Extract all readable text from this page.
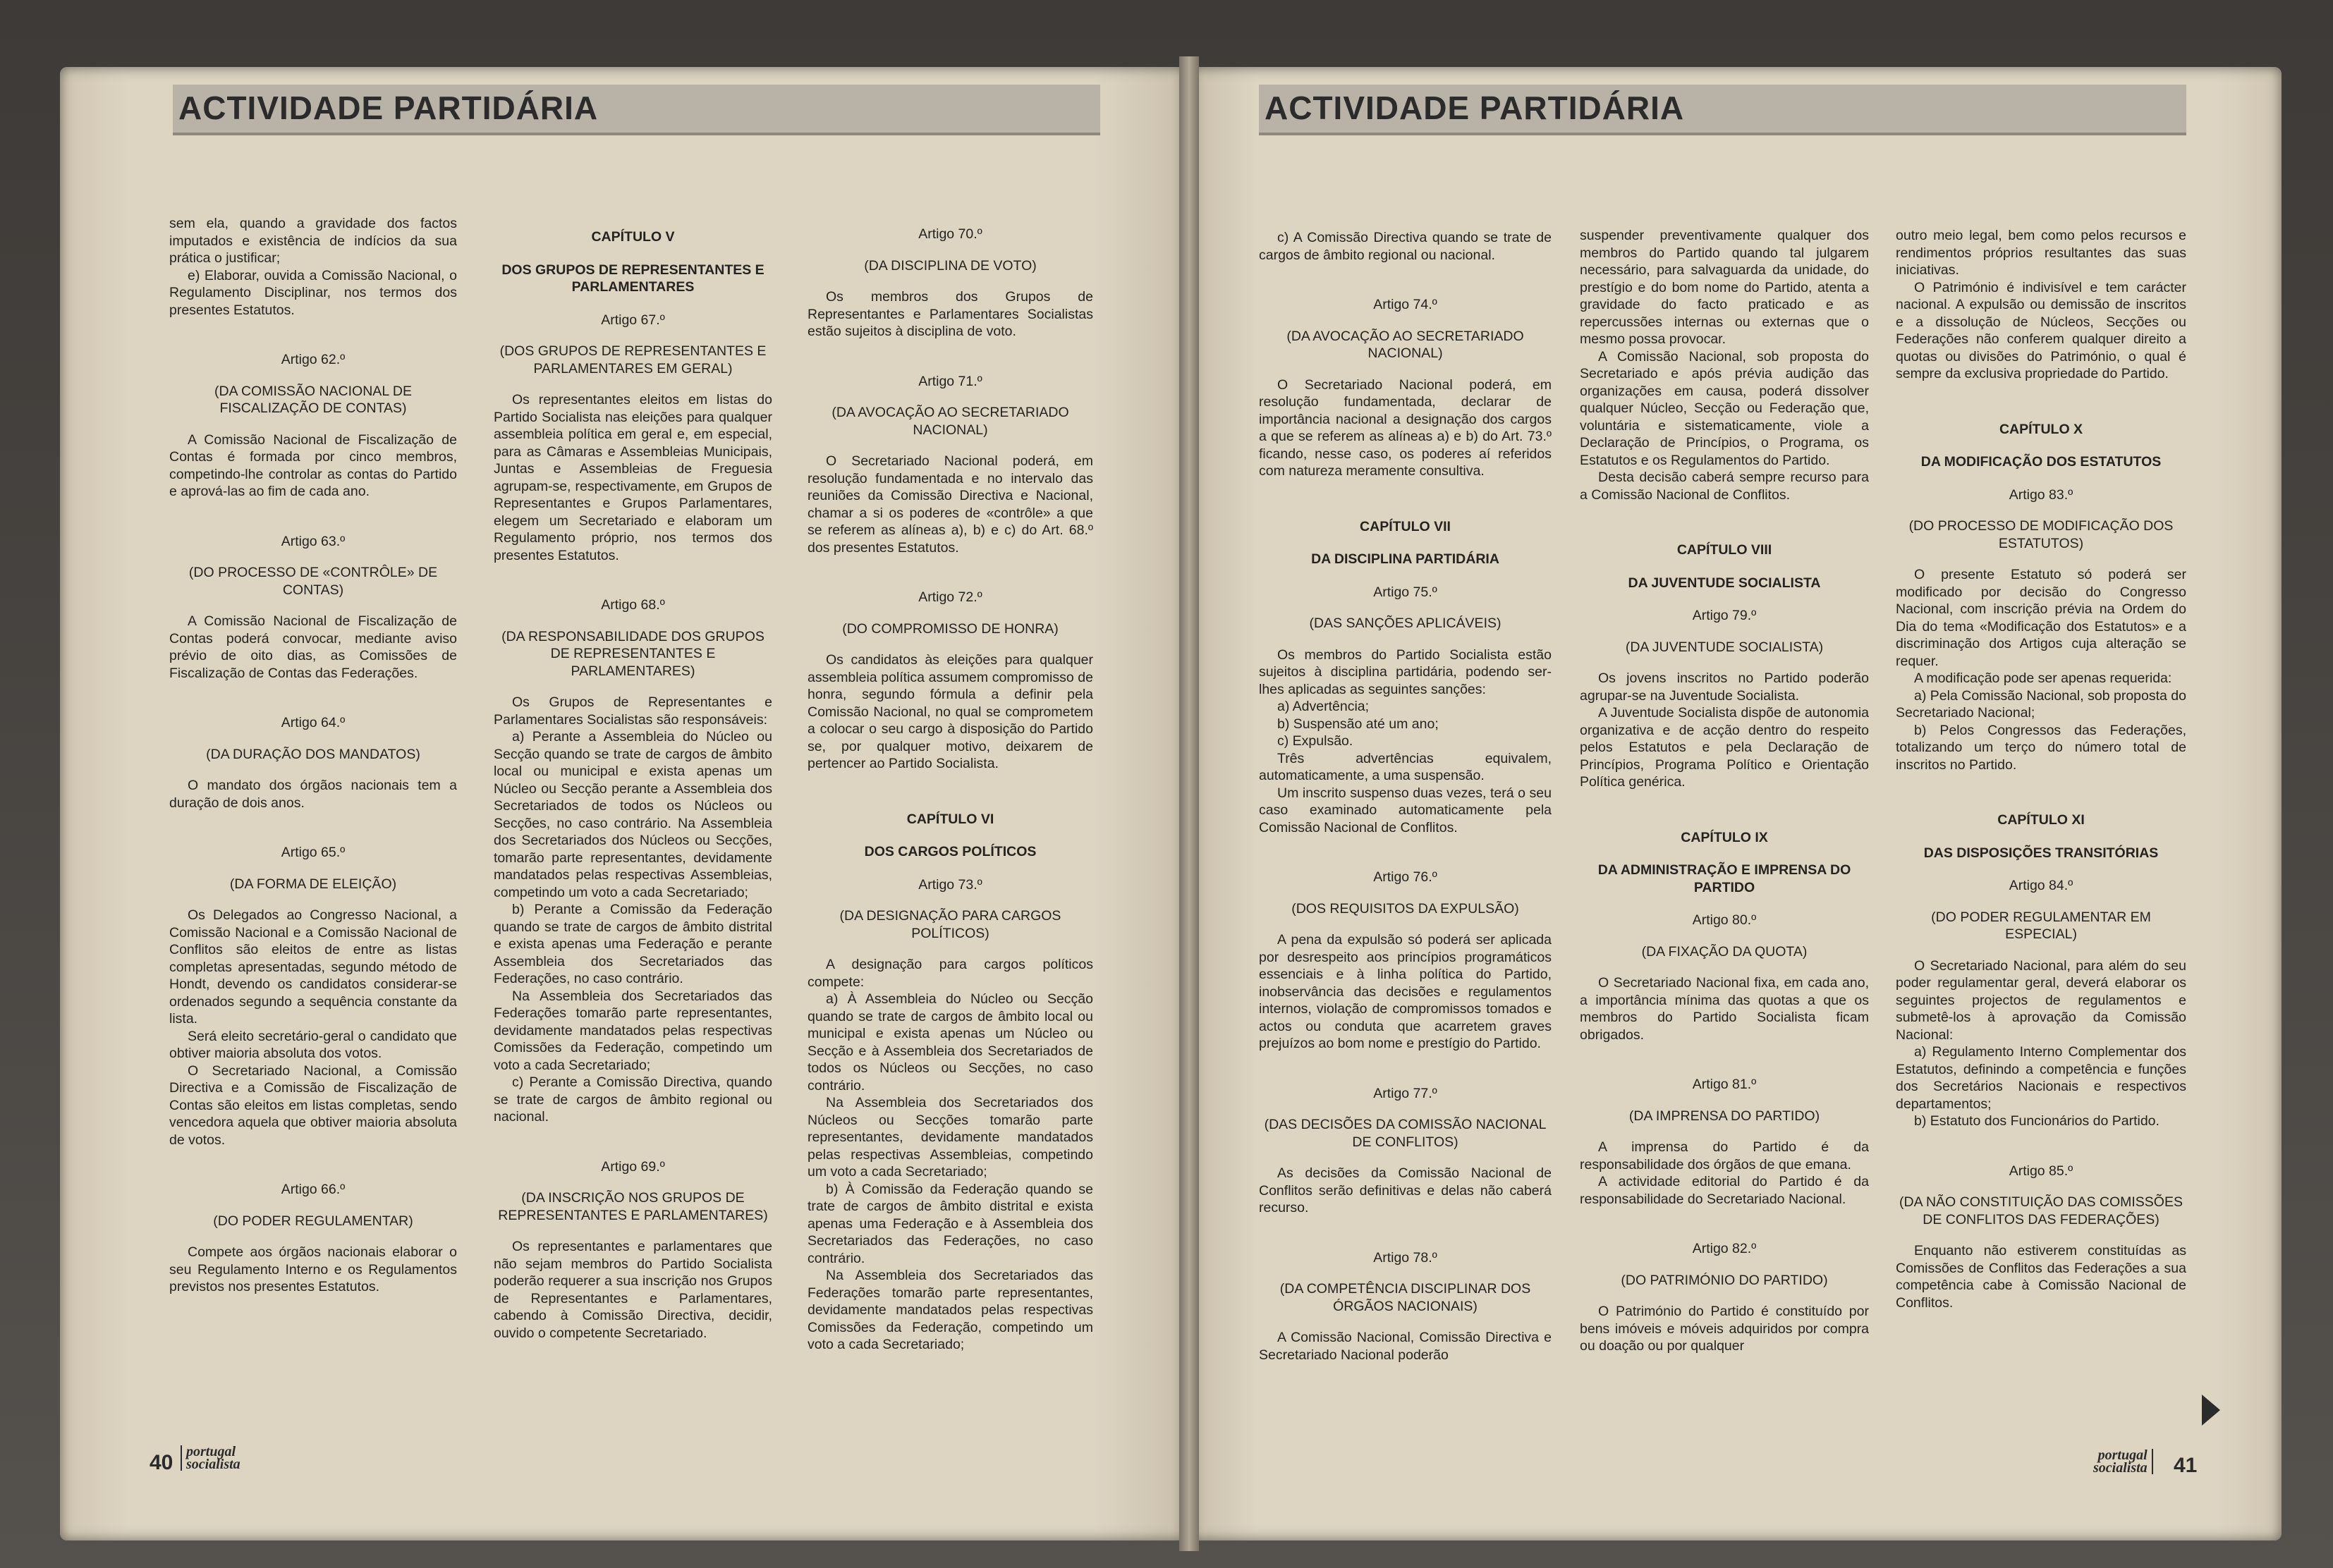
ACTIVIDADE PARTIDÁRIA	ACTIVIDADE PARTIDÁRIA
sem ela, quando a gravidade dos factos imputados e existência de indícios da sua prática o justificar;
e) Elaborar, ouvida a Comissão Nacional, o Regulamento Disciplinar, nos termos dos presentes Estatutos.
Artigo 62.º
(DA COMISSÃO NACIONAL DE FISCALIZAÇÃO DE CONTAS)
A Comissão Nacional de Fiscalização de Contas é formada por cinco membros, competindo-lhe controlar as contas do Partido e aprová-las ao fim de cada ano.
Artigo 63.º
(DO PROCESSO DE «CONTRÔLE» DE CONTAS)
A Comissão Nacional de Fiscalização de Contas poderá convocar, mediante aviso prévio de oito dias, as Comissões de Fiscalização de Contas das Federações.
Artigo 64.º
(DA DURAÇÃO DOS MANDATOS)
O mandato dos órgãos nacionais tem a duração de dois anos.
Artigo 65.º
(DA FORMA DE ELEIÇÃO)
Os Delegados ao Congresso Nacional, a Comissão Nacional e a Comissão Nacional de Conflitos são eleitos de entre as listas completas apresentadas, segundo método de Hondt, devendo os candidatos considerar-se ordenados segundo a sequência constante da lista.
Será eleito secretário-geral o candidato que obtiver maioria absoluta dos votos.
O Secretariado Nacional, a Comissão Directiva e a Comissão de Fiscalização de Contas são eleitos em listas completas, sendo vencedora aquela que obtiver maioria absoluta de votos.
Artigo 66.º
(DO PODER REGULAMENTAR)
Compete aos órgãos nacionais elaborar o seu Regulamento Interno e os Regulamentos previstos nos presentes Estatutos.
CAPÍTULO V
DOS GRUPOS DE REPRESENTANTES E PARLAMENTARES
Artigo 67.º
(DOS GRUPOS DE REPRESENTANTES E PARLAMENTARES EM GERAL)
Os representantes eleitos em listas do Partido Socialista nas eleições para qualquer assembleia política em geral e, em especial, para as Câmaras e Assembleias Municipais, Juntas e Assembleias de Freguesia agrupam-se, respectivamente, em Grupos de Representantes e Grupos Parlamentares, elegem um Secretariado e elaboram um Regulamento próprio, nos termos dos presentes Estatutos.
Artigo 68.º
(DA RESPONSABILIDADE DOS GRUPOS DE REPRESENTANTES E PARLAMENTARES)
Os Grupos de Representantes e Parlamentares Socialistas são responsáveis:
a) Perante a Assembleia do Núcleo ou Secção quando se trate de cargos de âmbito local ou municipal e exista apenas um Núcleo ou Secção perante a Assembleia dos Secretariados de todos os Núcleos ou Secções, no caso contrário. Na Assembleia dos Secretariados dos Núcleos ou Secções, tomarão parte representantes, devidamente mandatados pelas respectivas Assembleias, competindo um voto a cada Secretariado;
b) Perante a Comissão da Federação quando se trate de cargos de âmbito distrital e exista apenas uma Federação e perante Assembleia dos Secretariados das Federações, no caso contrário.
Na Assembleia dos Secretariados das Federações tomarão parte representantes, devidamente mandatados pelas respectivas Comissões da Federação, competindo um voto a cada Secretariado;
c) Perante a Comissão Directiva, quando se trate de cargos de âmbito regional ou nacional.
Artigo 69.º
(DA INSCRIÇÃO NOS GRUPOS DE REPRESENTANTES E PARLAMENTARES)
Os representantes e parlamentares que não sejam membros do Partido Socialista poderão requerer a sua inscrição nos Grupos de Representantes e Parlamentares, cabendo à Comissão Directiva, decidir, ouvido o competente Secretariado.
Artigo 70.º
(DA DISCIPLINA DE VOTO)
Os membros dos Grupos de Representantes e Parlamentares Socialistas estão sujeitos à disciplina de voto.
Artigo 71.º
(DA AVOCAÇÃO AO SECRETARIADO NACIONAL)
O Secretariado Nacional poderá, em resolução fundamentada e no intervalo das reuniões da Comissão Directiva e Nacional, chamar a si os poderes de «contrôle» a que se referem as alíneas a), b) e c) do Art. 68.º dos presentes Estatutos.
Artigo 72.º
(DO COMPROMISSO DE HONRA)
Os candidatos às eleições para qualquer assembleia política assumem compromisso de honra, segundo fórmula a definir pela Comissão Nacional, no qual se comprometem a colocar o seu cargo à disposição do Partido se, por qualquer motivo, deixarem de pertencer ao Partido Socialista.
CAPÍTULO VI
DOS CARGOS POLÍTICOS
Artigo 73.º
(DA DESIGNAÇÃO PARA CARGOS POLÍTICOS)
A designação para cargos políticos compete:
a) À Assembleia do Núcleo ou Secção quando se trate de cargos de âmbito local ou municipal e exista apenas um Núcleo ou Secção e à Assembleia dos Secretariados de todos os Núcleos ou Secções, no caso contrário.
Na Assembleia dos Secretariados dos Núcleos ou Secções tomarão parte representantes, devidamente mandatados pelas respectivas Assembleias, competindo um voto a cada Secretariado;
b) À Comissão da Federação quando se trate de cargos de âmbito distrital e exista apenas uma Federação e à Assembleia dos Secretariados das Federações, no caso contrário.
Na Assembleia dos Secretariados das Federações tomarão parte representantes, devidamente mandatados pelas respectivas Comissões da Federação, competindo um voto a cada Secretariado;
c) A Comissão Directiva quando se trate de cargos de âmbito regional ou nacional.
Artigo 74.º
(DA AVOCAÇÃO AO SECRETARIADO NACIONAL)
O Secretariado Nacional poderá, em resolução fundamentada, declarar de importância nacional a designação dos cargos a que se referem as alíneas a) e b) do Art. 73.º ficando, nesse caso, os poderes aí referidos com natureza meramente consultiva.
CAPÍTULO VII
DA DISCIPLINA PARTIDÁRIA
Artigo 75.º
(DAS SANÇÕES APLICÁVEIS)
Os membros do Partido Socialista estão sujeitos à disciplina partidária, podendo ser-lhes aplicadas as seguintes sanções:
a) Advertência;
b) Suspensão até um ano;
c) Expulsão.
Três advertências equivalem, automaticamente, a uma suspensão.
Um inscrito suspenso duas vezes, terá o seu caso examinado automaticamente pela Comissão Nacional de Conflitos.
Artigo 76.º
(DOS REQUISITOS DA EXPULSÃO)
A pena da expulsão só poderá ser aplicada por desrespeito aos princípios programáticos essenciais e à linha política do Partido, inobservância das decisões e regulamentos internos, violação de compromissos tomados e actos ou conduta que acarretem graves prejuízos ao bom nome e prestígio do Partido.
Artigo 77.º
(DAS DECISÕES DA COMISSÃO NACIONAL DE CONFLITOS)
As decisões da Comissão Nacional de Conflitos serão definitivas e delas não caberá recurso.
Artigo 78.º
(DA COMPETÊNCIA DISCIPLINAR DOS ÓRGÃOS NACIONAIS)
A Comissão Nacional, Comissão Directiva e Secretariado Nacional poderão
suspender preventivamente qualquer dos membros do Partido quando tal julgarem necessário, para salvaguarda da unidade, do prestígio e do bom nome do Partido, atenta a gravidade do facto praticado e as repercussões internas ou externas que o mesmo possa provocar.
A Comissão Nacional, sob proposta do Secretariado e após prévia audição das organizações em causa, poderá dissolver qualquer Núcleo, Secção ou Federação que, voluntária e sistematicamente, viole a Declaração de Princípios, o Programa, os Estatutos e os Regulamentos do Partido.
Desta decisão caberá sempre recurso para a Comissão Nacional de Conflitos.
CAPÍTULO VIII
DA JUVENTUDE SOCIALISTA
Artigo 79.º
(DA JUVENTUDE SOCIALISTA)
Os jovens inscritos no Partido poderão agrupar-se na Juventude Socialista.
A Juventude Socialista dispõe de autonomia organizativa e de acção dentro do respeito pelos Estatutos e pela Declaração de Princípios, Programa Político e Orientação Política genérica.
CAPÍTULO IX
DA ADMINISTRAÇÃO E IMPRENSA DO PARTIDO
Artigo 80.º
(DA FIXAÇÃO DA QUOTA)
O Secretariado Nacional fixa, em cada ano, a importância mínima das quotas a que os membros do Partido Socialista ficam obrigados.
Artigo 81.º
(DA IMPRENSA DO PARTIDO)
A imprensa do Partido é da responsabilidade dos órgãos de que emana.
A actividade editorial do Partido é da responsabilidade do Secretariado Nacional.
Artigo 82.º
(DO PATRIMÓNIO DO PARTIDO)
O Património do Partido é constituído por bens imóveis e móveis adquiridos por compra ou doação ou por qualquer
outro meio legal, bem como pelos recursos e rendimentos próprios resultantes das suas iniciativas.
O Património é indivisível e tem carácter nacional. A expulsão ou demissão de inscritos e a dissolução de Núcleos, Secções ou Federações não conferem qualquer direito a quotas ou divisões do Património, o qual é sempre da exclusiva propriedade do Partido.
CAPÍTULO X
DA MODIFICAÇÃO DOS ESTATUTOS
Artigo 83.º
(DO PROCESSO DE MODIFICAÇÃO DOS ESTATUTOS)
O presente Estatuto só poderá ser modificado por decisão do Congresso Nacional, com inscrição prévia na Ordem do Dia do tema «Modificação dos Estatutos» e a discriminação dos Artigos cuja alteração se requer.
A modificação pode ser apenas requerida:
a) Pela Comissão Nacional, sob proposta do Secretariado Nacional;
b) Pelos Congressos das Federações, totalizando um terço do número total de inscritos no Partido.
CAPÍTULO XI
DAS DISPOSIÇÕES TRANSITÓRIAS
Artigo 84.º
(DO PODER REGULAMENTAR EM ESPECIAL)
O Secretariado Nacional, para além do seu poder regulamentar geral, deverá elaborar os seguintes projectos de regulamentos e submetê-los à aprovação da Comissão Nacional:
a) Regulamento Interno Complementar dos Estatutos, definindo a competência e funções dos Secretários Nacionais e respectivos departamentos;
b) Estatuto dos Funcionários do Partido.
Artigo 85.º
(DA NÃO CONSTITUIÇÃO DAS COMISSÕES DE CONFLITOS DAS FEDERAÇÕES)
Enquanto não estiverem constituídas as Comissões de Conflitos das Federações a sua competência cabe à Comissão Nacional de Conflitos.
40 portugal
socialista
portugal
socialista 41
